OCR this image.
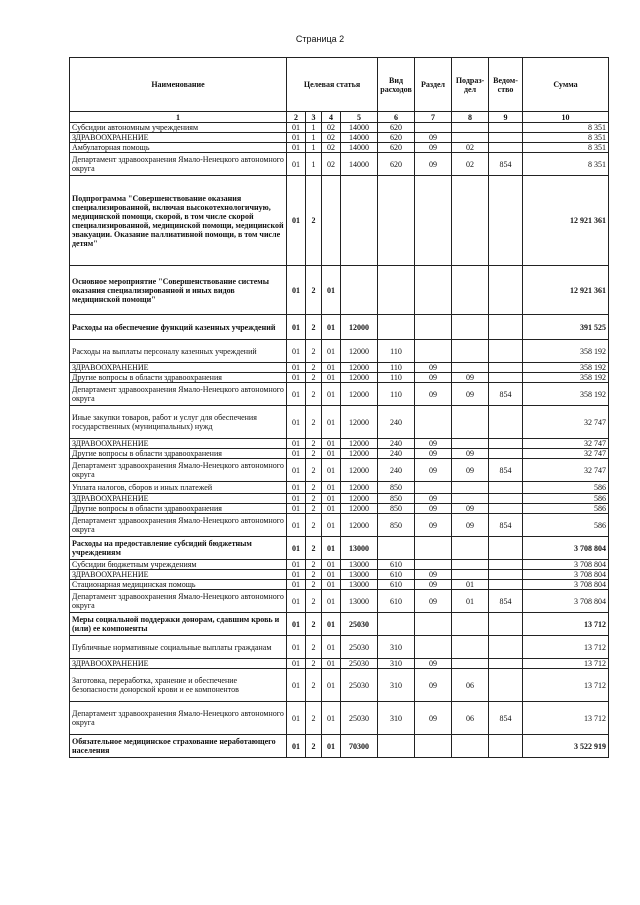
Страница 2
Наименование	Целевая статья				Вид расходов	Раздел	Подраз-дел	Ведом-ство	Сумма
1	2	3	4	5	6	7	8	9	10
Субсидии автономным учреждениям	01	1	02	14000	620				8 351
ЗДРАВООХРАНЕНИЕ	01	1	02	14000	620	09			8 351
Амбулаторная помощь	01	1	02	14000	620	09	02		8 351
Департамент здравоохранения Ямало-Ненецкого автономного округа	01	1	02	14000	620	09	02	854	8 351
Подпрограмма "Совершенствование оказания специализированной, включая высокотехнологичную, медицинской помощи, скорой, в том числе скорой специализированной, медицинской помощи, медицинской эвакуации. Оказание паллиативной помощи, в том числе детям"	01	2							12 921 361
Основное мероприятие "Совершенствование системы оказания специализированной и иных видов медицинской помощи"	01	2	01						12 921 361
Расходы на обеспечение функций казенных учреждений	01	2	01	12000					391 525
Расходы на выплаты персоналу казенных учреждений	01	2	01	12000	110				358 192
ЗДРАВООХРАНЕНИЕ	01	2	01	12000	110	09			358 192
Другие вопросы в области здравоохранения	01	2	01	12000	110	09	09		358 192
Департамент здравоохранения Ямало-Ненецкого автономного округа	01	2	01	12000	110	09	09	854	358 192
Иные закупки товаров, работ и услуг для обеспечения государственных (муниципальных) нужд	01	2	01	12000	240				32 747
ЗДРАВООХРАНЕНИЕ	01	2	01	12000	240	09			32 747
Другие вопросы в области здравоохранения	01	2	01	12000	240	09	09		32 747
Департамент здравоохранения Ямало-Ненецкого автономного округа	01	2	01	12000	240	09	09	854	32 747
Уплата налогов, сборов и иных платежей	01	2	01	12000	850				586
ЗДРАВООХРАНЕНИЕ	01	2	01	12000	850	09			586
Другие вопросы в области здравоохранения	01	2	01	12000	850	09	09		586
Департамент здравоохранения Ямало-Ненецкого автономного округа	01	2	01	12000	850	09	09	854	586
Расходы на предоставление субсидий бюджетным учреждениям	01	2	01	13000					3 708 804
Субсидии бюджетным учреждениям	01	2	01	13000	610				3 708 804
ЗДРАВООХРАНЕНИЕ	01	2	01	13000	610	09			3 708 804
Стационарная медицинская помощь	01	2	01	13000	610	09	01		3 708 804
Департамент здравоохранения Ямало-Ненецкого автономного округа	01	2	01	13000	610	09	01	854	3 708 804
Меры социальной поддержки донорам, сдавшим кровь и (или) ее компоненты	01	2	01	25030					13 712
Публичные нормативные социальные выплаты гражданам	01	2	01	25030	310				13 712
ЗДРАВООХРАНЕНИЕ	01	2	01	25030	310	09			13 712
Заготовка, переработка, хранение и обеспечение безопасности донорской крови и ее компонентов	01	2	01	25030	310	09	06		13 712
Департамент здравоохранения Ямало-Ненецкого автономного округа	01	2	01	25030	310	09	06	854	13 712
Обязательное медицинское страхование неработающего населения	01	2	01	70300					3 522 919
